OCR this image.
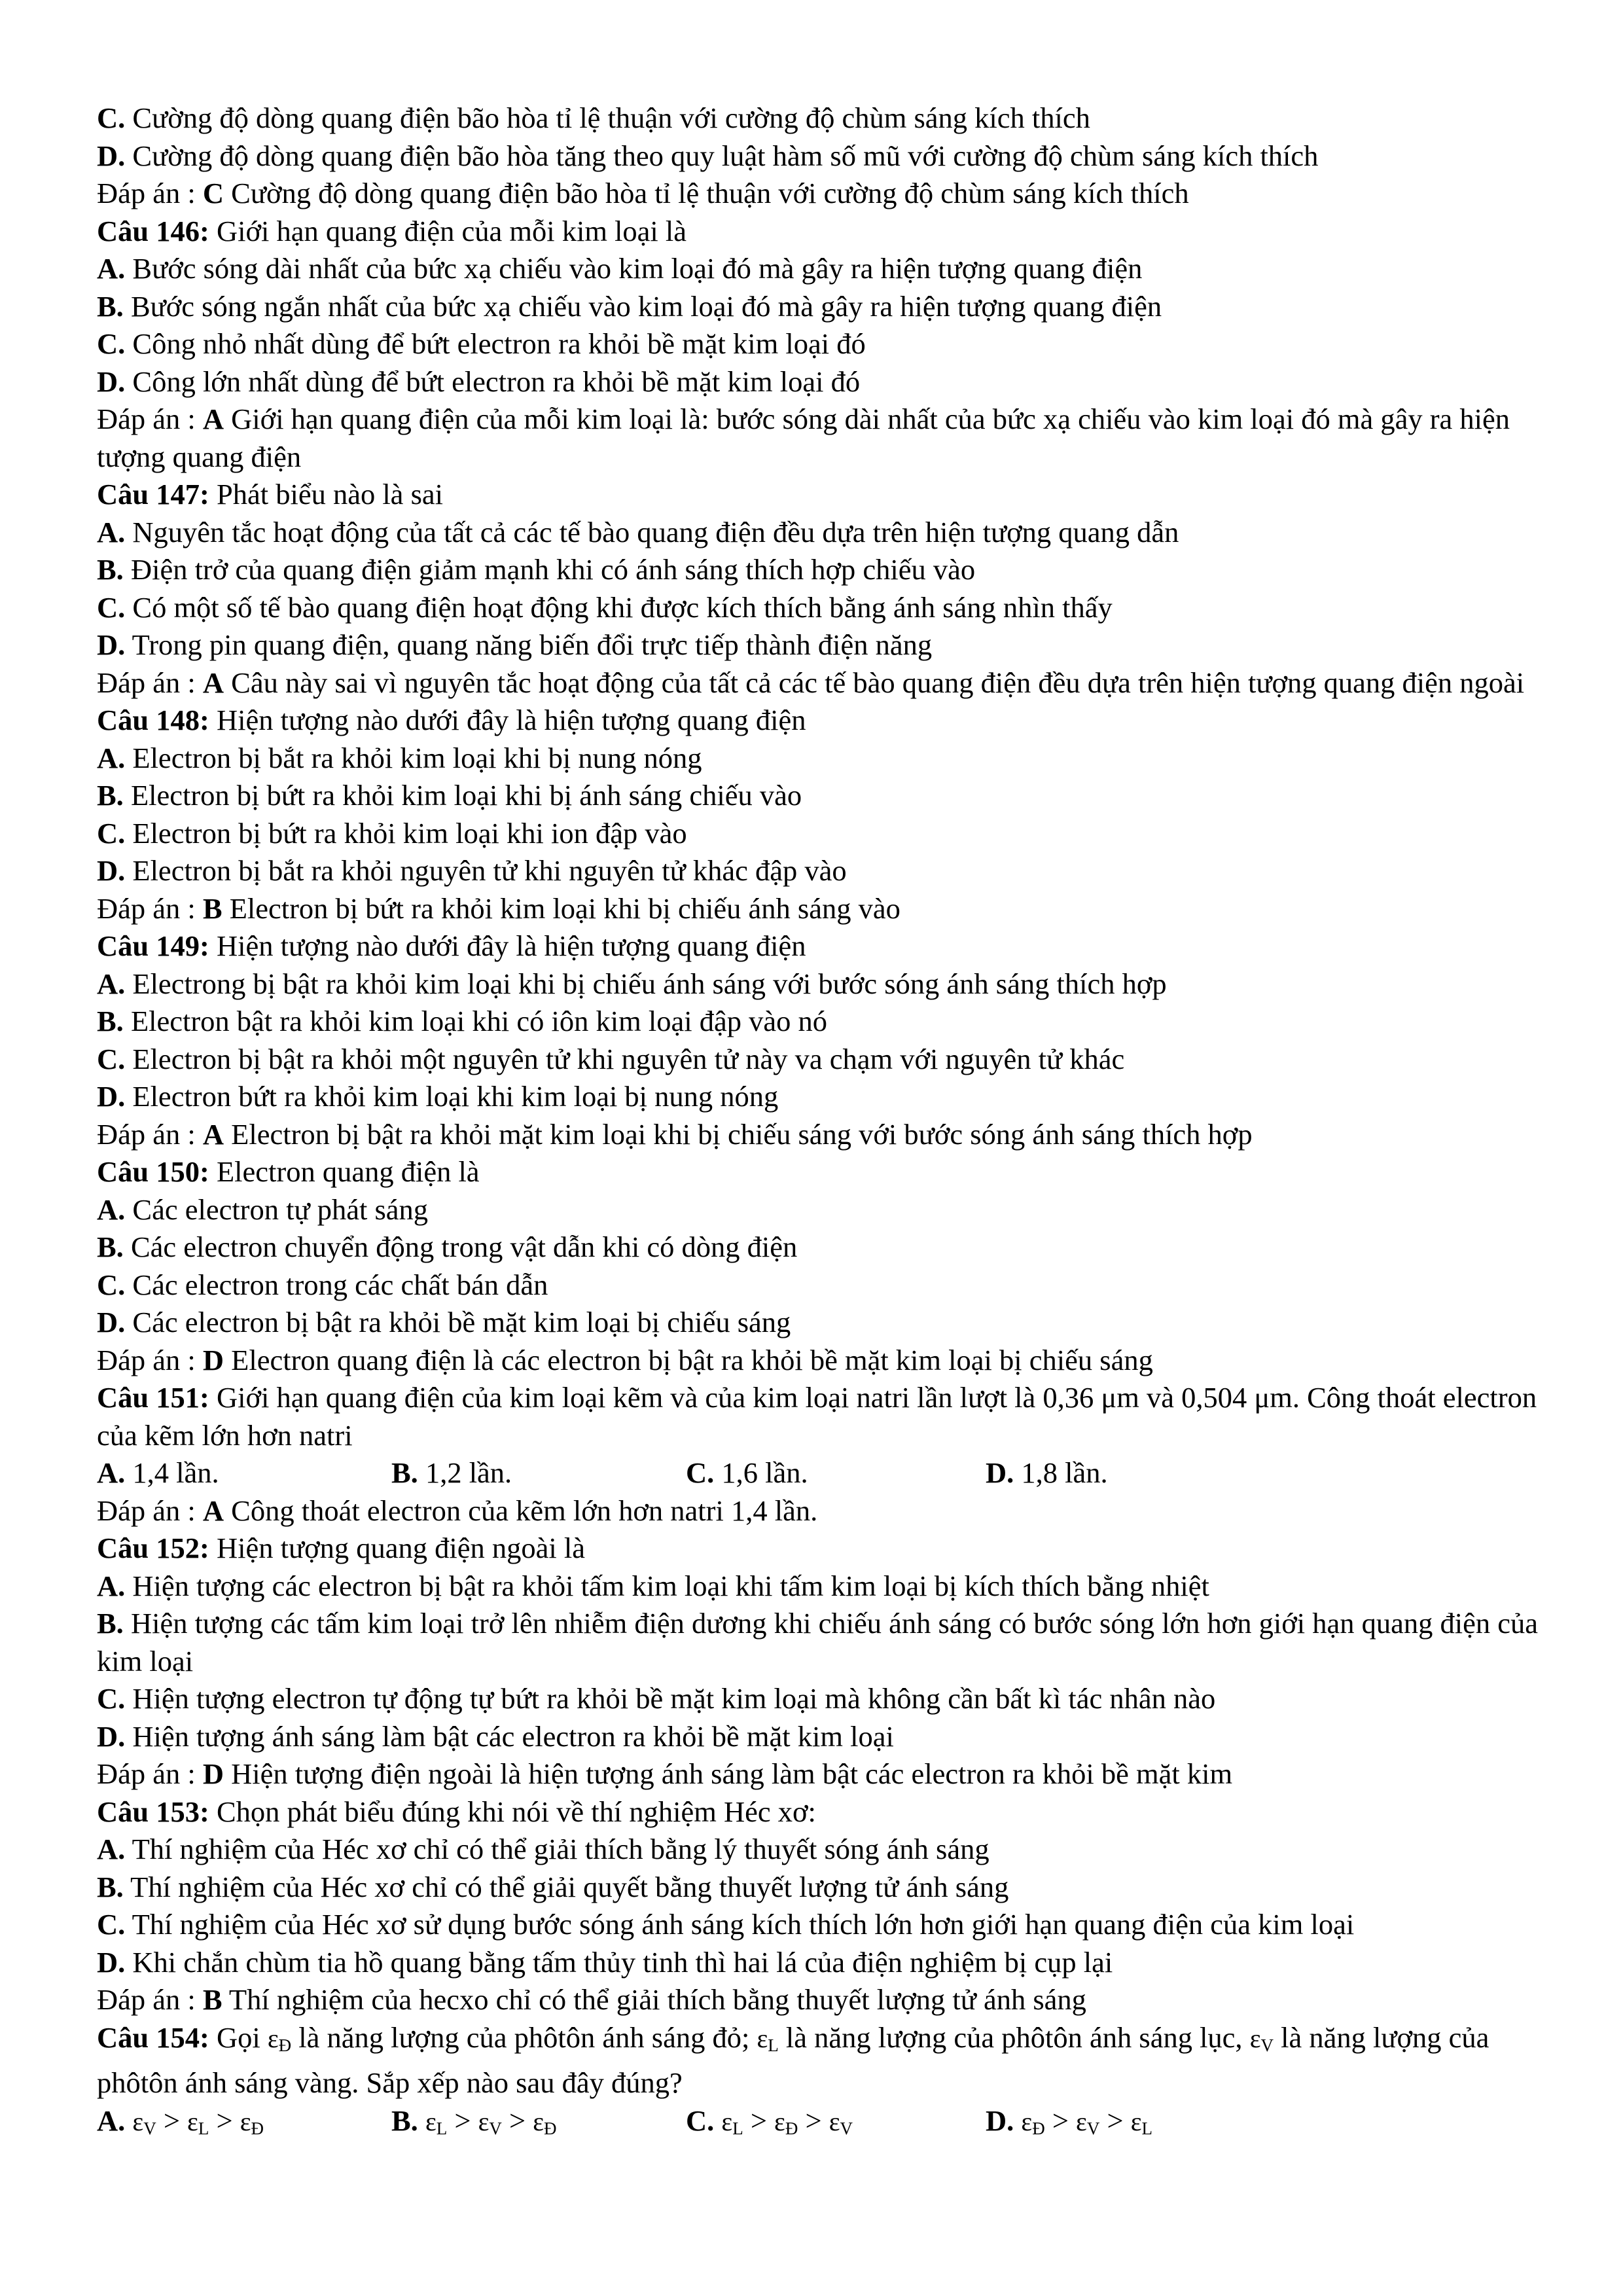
C. Cường độ dòng quang điện bão hòa tỉ lệ thuận với cường độ chùm sáng kích thích
D. Cường độ dòng quang điện bão hòa tăng theo quy luật hàm số mũ với cường độ chùm sáng kích thích
Đáp án : C Cường độ dòng quang điện bão hòa tỉ lệ thuận với cường độ chùm sáng kích thích
Câu 146: Giới hạn quang điện của mỗi kim loại là
A. Bước sóng dài nhất của bức xạ chiếu vào kim loại đó mà gây ra hiện tượng quang điện
B. Bước sóng ngắn nhất của bức xạ chiếu vào kim loại đó mà gây ra hiện tượng quang điện
C. Công nhỏ nhất dùng để bứt electron ra khỏi bề mặt kim loại đó
D. Công lớn nhất dùng để bứt electron ra khỏi bề mặt kim loại đó
Đáp án : A Giới hạn quang điện của mỗi kim loại là: bước sóng dài nhất của bức xạ chiếu vào kim loại đó mà gây ra hiện tượng quang điện
Câu 147: Phát biểu nào là sai
A. Nguyên tắc hoạt động của tất cả các tế bào quang điện đều dựa trên hiện tượng quang dẫn
B. Điện trở của quang điện giảm mạnh khi có ánh sáng thích hợp chiếu vào
C. Có một số tế bào quang điện hoạt động khi được kích thích bằng ánh sáng nhìn thấy
D. Trong pin quang điện, quang năng biến đổi trực tiếp thành điện năng
Đáp án : A Câu này sai vì nguyên tắc hoạt động của tất cả các tế bào quang điện đều dựa trên hiện tượng quang điện ngoài
Câu 148: Hiện tượng nào dưới đây là hiện tượng quang điện
A. Electron bị bắt ra khỏi kim loại khi bị nung nóng
B. Electron bị bứt ra khỏi kim loại khi bị ánh sáng chiếu vào
C. Electron bị bứt ra khỏi kim loại khi ion đập vào
D. Electron bị bắt ra khỏi nguyên tử khi nguyên tử khác đập vào
Đáp án : B Electron bị bứt ra khỏi kim loại khi bị chiếu ánh sáng vào
Câu 149: Hiện tượng nào dưới đây là hiện tượng quang điện
A. Electrong bị bật ra khỏi kim loại khi bị chiếu ánh sáng với bước sóng ánh sáng thích hợp
B. Electron bật ra khỏi kim loại khi có iôn kim loại đập vào nó
C. Electron bị bật ra khỏi một nguyên tử khi nguyên tử này va chạm với nguyên tử khác
D. Electron bứt ra khỏi kim loại khi kim loại bị nung nóng
Đáp án : A Electron bị bật ra khỏi mặt kim loại khi bị chiếu sáng với bước sóng ánh sáng thích hợp
Câu 150: Electron quang điện là
A. Các electron tự phát sáng
B. Các electron chuyển động trong vật dẫn khi có dòng điện
C. Các electron trong các chất bán dẫn
D. Các electron bị bật ra khỏi bề mặt kim loại bị chiếu sáng
Đáp án : D Electron quang điện là các electron bị bật ra khỏi bề mặt kim loại bị chiếu sáng
Câu 151: Giới hạn quang điện của kim loại kẽm và của kim loại natri lần lượt là 0,36 μm và 0,504 μm. Công thoát electron của kẽm lớn hơn natri
A. 1,4 lần.	B. 1,2 lần.	C. 1,6 lần.	D. 1,8 lần.
Đáp án : A Công thoát electron của kẽm lớn hơn natri 1,4 lần.
Câu 152: Hiện tượng quang điện ngoài là
A. Hiện tượng các electron bị bật ra khỏi tấm kim loại khi tấm kim loại bị kích thích bằng nhiệt
B. Hiện tượng các tấm kim loại trở lên nhiễm điện dương khi chiếu ánh sáng có bước sóng lớn hơn giới hạn quang điện của kim loại
C. Hiện tượng electron tự động tự bứt ra khỏi bề mặt kim loại mà không cần bất kì tác nhân nào
D. Hiện tượng ánh sáng làm bật các electron ra khỏi bề mặt kim loại
Đáp án : D Hiện tượng điện ngoài là hiện tượng ánh sáng làm bật các electron ra khỏi bề mặt kim
Câu 153: Chọn phát biểu đúng khi nói về thí nghiệm Héc xơ:
A. Thí nghiệm của Héc xơ chỉ có thể giải thích bằng lý thuyết sóng ánh sáng
B. Thí nghiệm của Héc xơ chỉ có thể giải quyết bằng thuyết lượng tử ánh sáng
C. Thí nghiệm của Héc xơ sử dụng bước sóng ánh sáng kích thích lớn hơn giới hạn quang điện của kim loại
D. Khi chắn chùm tia hồ quang bằng tấm thủy tinh thì hai lá của điện nghiệm bị cụp lại
Đáp án : B Thí nghiệm của hecxo chỉ có thể giải thích bằng thuyết lượng tử ánh sáng
Câu 154: Gọi $\varepsilon_Đ$ là năng lượng của phôtôn ánh sáng đỏ; $\varepsilon_L$ là năng lượng của phôtôn ánh sáng lục, $\varepsilon_V$ là năng lượng của phôtôn ánh sáng vàng. Sắp xếp nào sau đây đúng?
A. $\varepsilon_V > \varepsilon_L > \varepsilon_Đ$	B. $\varepsilon_L > \varepsilon_V > \varepsilon_Đ$	C. $\varepsilon_L > \varepsilon_Đ > \varepsilon_V$	D. $\varepsilon_Đ > \varepsilon_V > \varepsilon_L$
